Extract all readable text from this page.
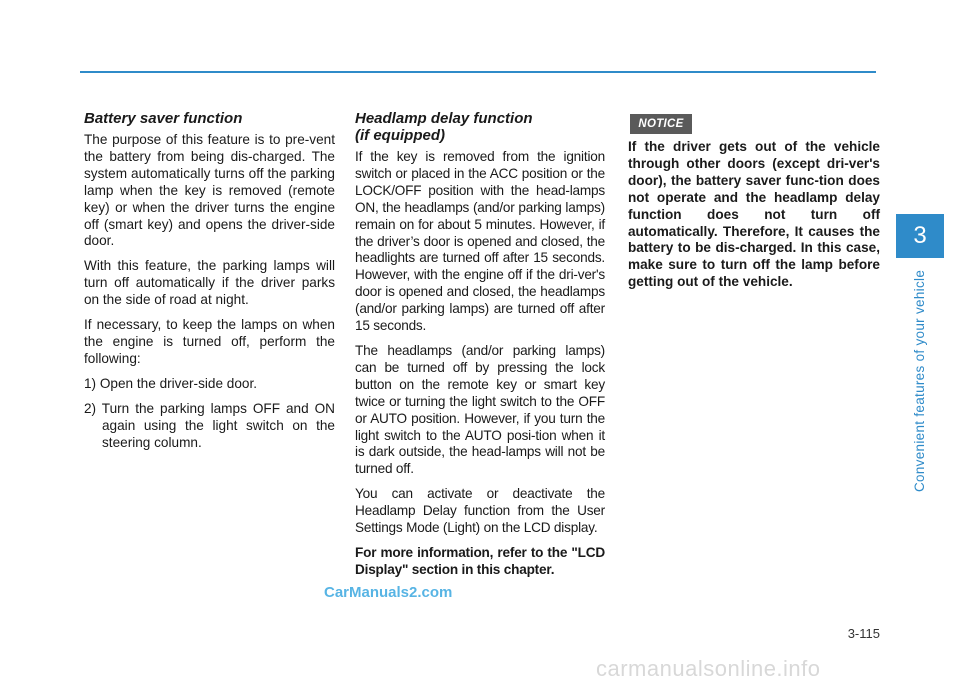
Battery saver function

The purpose of this feature is to pre-vent the battery from being dis-charged. The system automatically turns off the parking lamp when the key is removed (remote key) or when the driver turns the engine off (smart key) and opens the driver-side door.

With this feature, the parking lamps will turn off automatically if the driver parks on the side of road at night.

If necessary, to keep the lamps on when the engine is turned off, perform the following:

1) Open the driver-side door.
2) Turn the parking lamps OFF and ON again using the light switch on the steering column.
Headlamp delay function
(if equipped)

If the key is removed from the ignition switch or placed in the ACC position or the LOCK/OFF position with the head-lamps ON, the headlamps (and/or parking lamps) remain on for about 5 minutes. However, if the driver’s door is opened and closed, the headlights are turned off after 15 seconds. However, with the engine off if the dri-ver's door is opened and closed, the headlamps (and/or parking lamps) are turned off after 15 seconds.

The headlamps (and/or parking lamps) can be turned off by pressing the lock button on the remote key or smart key twice or turning the light switch to the OFF or AUTO position. However, if you turn the light switch to the AUTO posi-tion when it is dark outside, the head-lamps will not be turned off.

You can activate or deactivate the Headlamp Delay function from the User Settings Mode (Light) on the LCD display.

For more information, refer to the "LCD Display" section in this chapter.

NOTICE
If the driver gets out of the vehicle through other doors (except dri-ver's door), the battery saver func-tion does not operate and the headlamp delay function does not turn off automatically. Therefore, It causes the battery to be dis-charged. In this case, make sure to turn off the lamp before getting out of the vehicle.
3
Convenient features of your vehicle
3-115
CarManuals2.com
carmanualsonline.info
